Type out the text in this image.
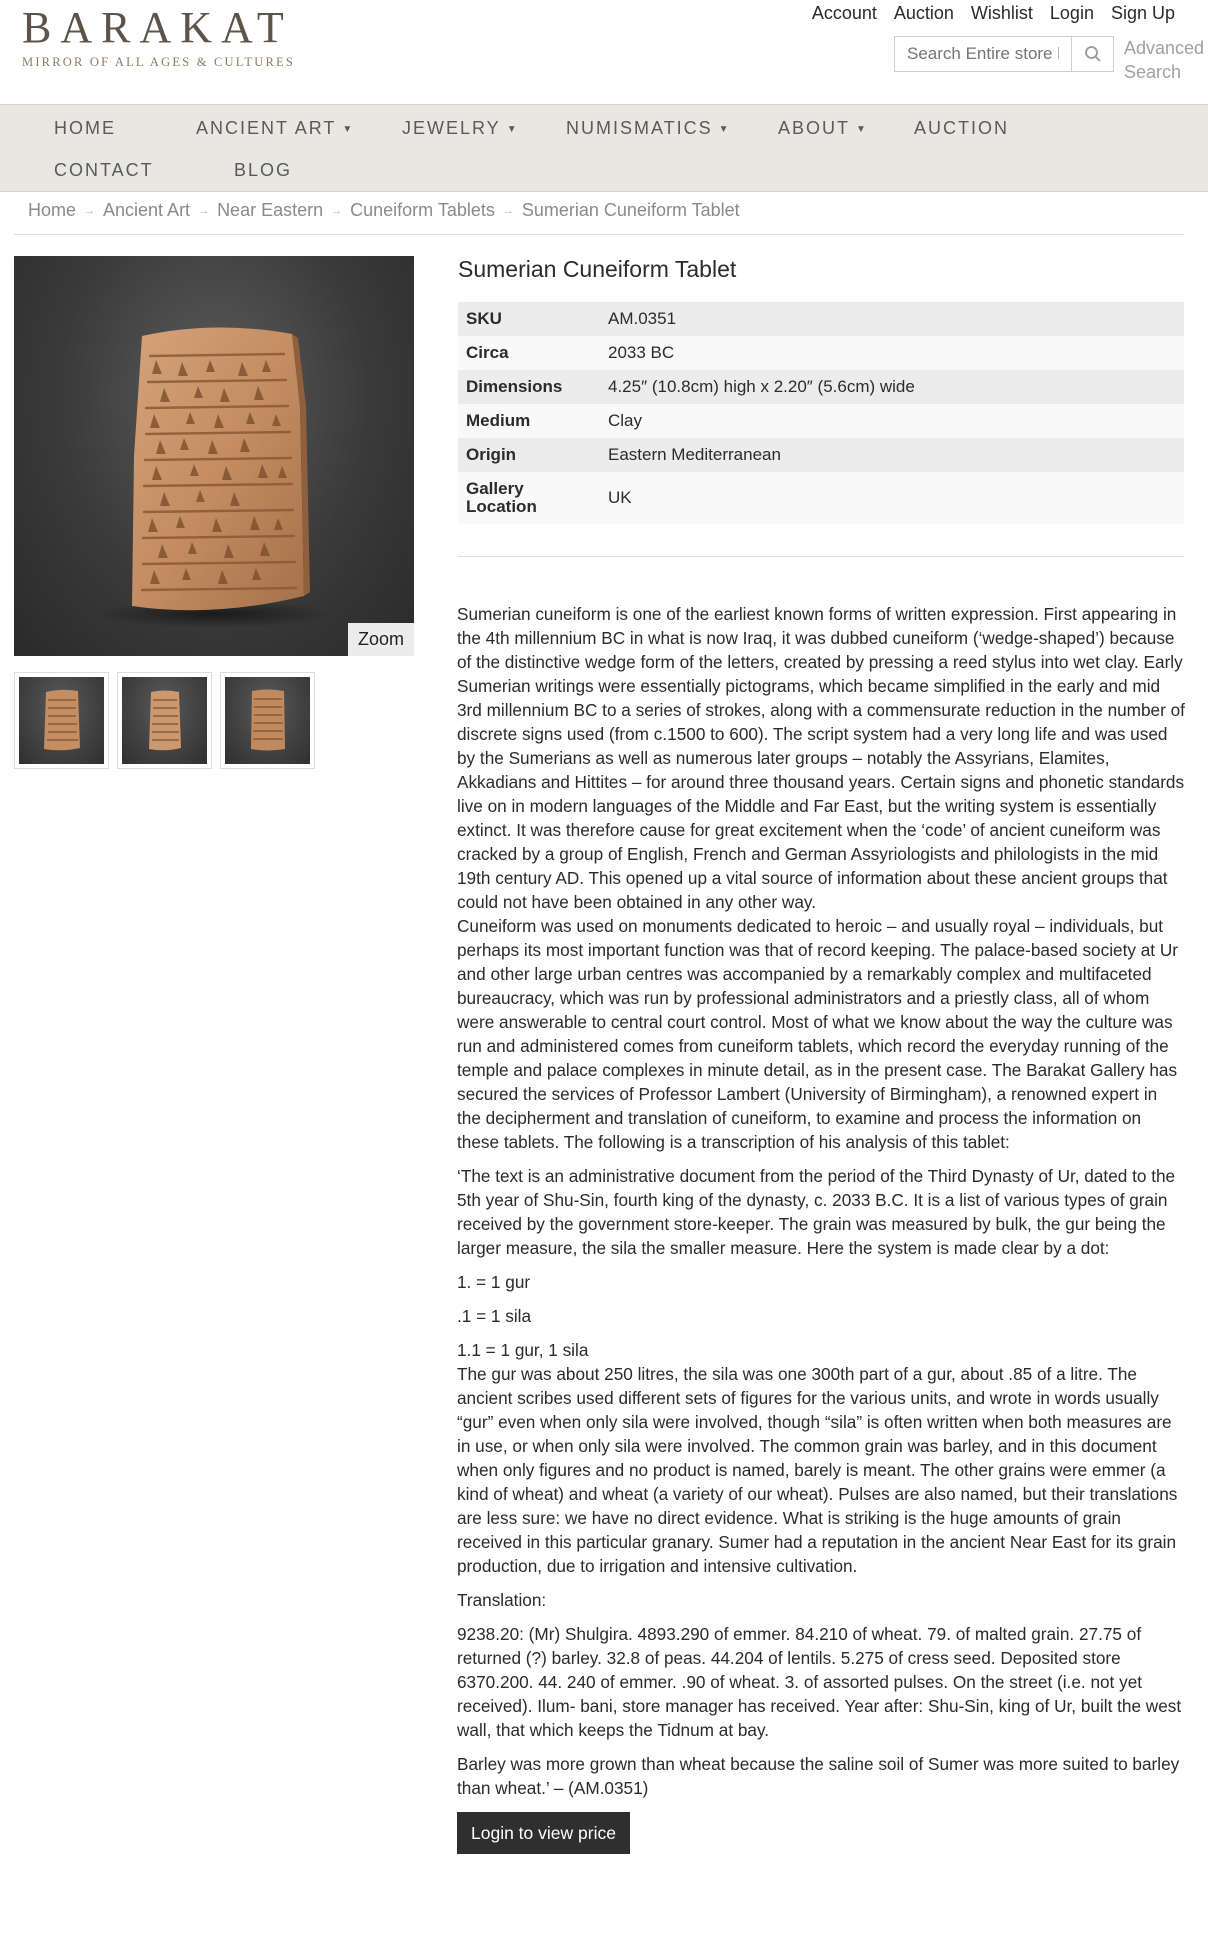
BARAKAT
MIRROR OF ALL AGES & CULTURES
Account Auction Wishlist Login Sign Up
Search Entire store here...
Advanced Search
HOME	ANCIENT ART ▼	JEWELRY ▼	NUMISMATICS ▼	ABOUT ▼	AUCTION
CONTACT	BLOG
Home → Ancient Art → Near Eastern → Cuneiform Tablets → Sumerian Cuneiform Tablet
Zoom
Sumerian Cuneiform Tablet
SKU	AM.0351
Circa	2033 BC
Dimensions	4.25″ (10.8cm) high x 2.20″ (5.6cm) wide
Medium	Clay
Origin	Eastern Mediterranean
Gallery Location	UK

Sumerian cuneiform is one of the earliest known forms of written expression. First appearing in the 4th millennium BC in what is now Iraq, it was dubbed cuneiform (‘wedge-shaped’) because of the distinctive wedge form of the letters, created by pressing a reed stylus into wet clay. Early Sumerian writings were essentially pictograms, which became simplified in the early and mid 3rd millennium BC to a series of strokes, along with a commensurate reduction in the number of discrete signs used (from c.1500 to 600). The script system had a very long life and was used by the Sumerians as well as numerous later groups – notably the Assyrians, Elamites, Akkadians and Hittites – for around three thousand years. Certain signs and phonetic standards live on in modern languages of the Middle and Far East, but the writing system is essentially extinct. It was therefore cause for great excitement when the ‘code’ of ancient cuneiform was cracked by a group of English, French and German Assyriologists and philologists in the mid 19th century AD. This opened up a vital source of information about these ancient groups that could not have been obtained in any other way.

Cuneiform was used on monuments dedicated to heroic – and usually royal – individuals, but perhaps its most important function was that of record keeping. The palace-based society at Ur and other large urban centres was accompanied by a remarkably complex and multifaceted bureaucracy, which was run by professional administrators and a priestly class, all of whom were answerable to central court control. Most of what we know about the way the culture was run and administered comes from cuneiform tablets, which record the everyday running of the temple and palace complexes in minute detail, as in the present case. The Barakat Gallery has secured the services of Professor Lambert (University of Birmingham), a renowned expert in the decipherment and translation of cuneiform, to examine and process the information on these tablets. The following is a transcription of his analysis of this tablet:

‘The text is an administrative document from the period of the Third Dynasty of Ur, dated to the 5th year of Shu-Sin, fourth king of the dynasty, c. 2033 B.C. It is a list of various types of grain received by the government store-keeper. The grain was measured by bulk, the gur being the larger measure, the sila the smaller measure. Here the system is made clear by a dot:

1. = 1 gur

.1 = 1 sila

1.1 = 1 gur, 1 sila

The gur was about 250 litres, the sila was one 300th part of a gur, about .85 of a litre. The ancient scribes used different sets of figures for the various units, and wrote in words usually “gur” even when only sila were involved, though “sila” is often written when both measures are in use, or when only sila were involved. The common grain was barley, and in this document when only figures and no product is named, barely is meant. The other grains were emmer (a kind of wheat) and wheat (a variety of our wheat). Pulses are also named, but their translations are less sure: we have no direct evidence. What is striking is the huge amounts of grain received in this particular granary. Sumer had a reputation in the ancient Near East for its grain production, due to irrigation and intensive cultivation.

Translation:

9238.20: (Mr) Shulgira. 4893.290 of emmer. 84.210 of wheat. 79. of malted grain. 27.75 of returned (?) barley. 32.8 of peas. 44.204 of lentils. 5.275 of cress seed. Deposited store 6370.200. 44. 240 of emmer. .90 of wheat. 3. of assorted pulses. On the street (i.e. not yet received). Ilum- bani, store manager has received. Year after: Shu-Sin, king of Ur, built the west wall, that which keeps the Tidnum at bay.

Barley was more grown than wheat because the saline soil of Sumer was more suited to barley than wheat.’ – (AM.0351)

Login to view price
